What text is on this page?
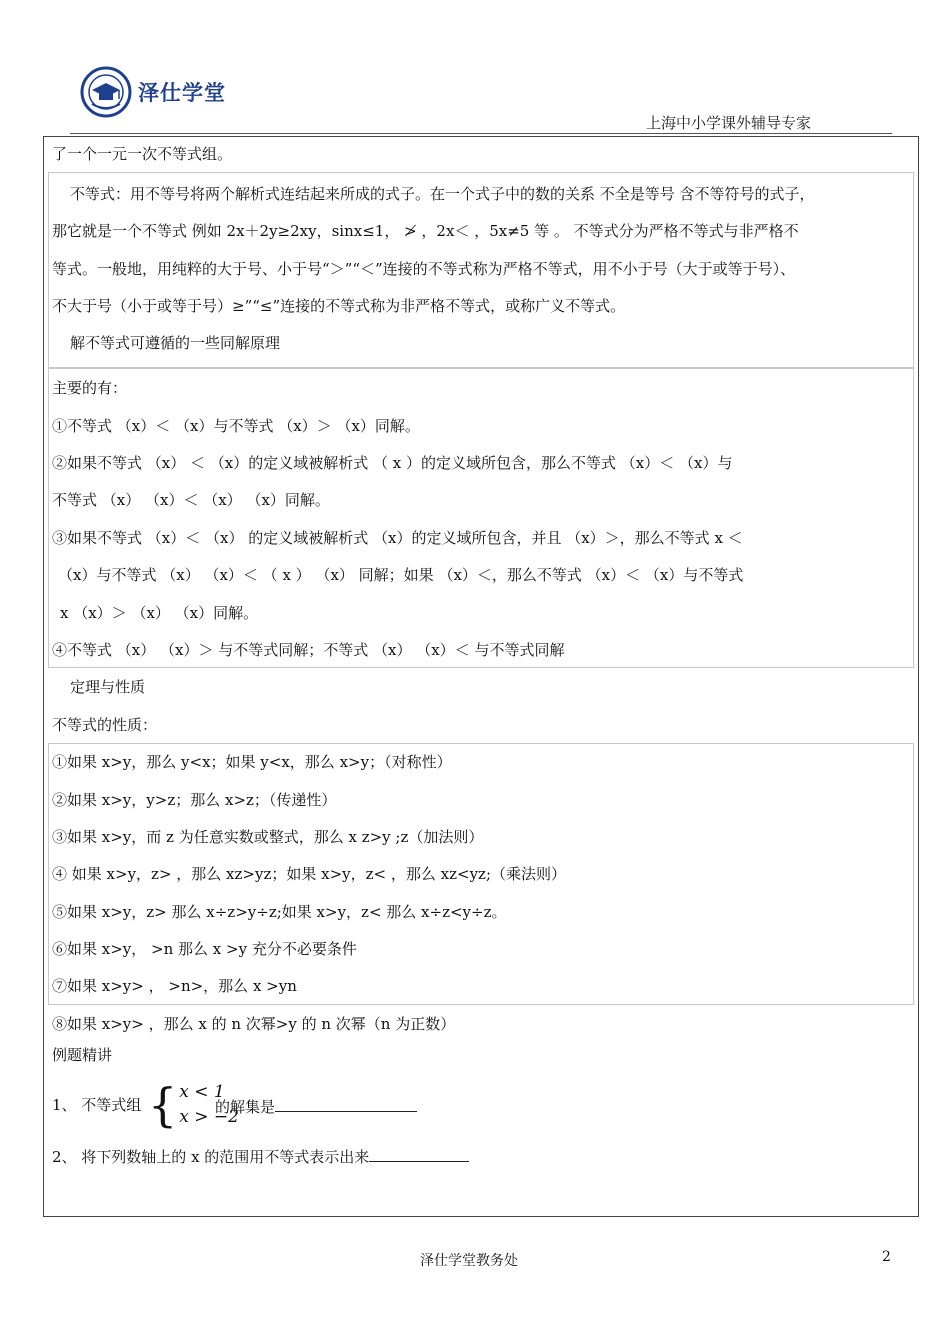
泽仕学堂
上海中小学课外辅导专家
了一个一元一次不等式组。
不等式：用不等号将两个解析式连结起来所成的式子。在一个式子中的数的关系 不全是等号 含不等符号的式子，
那它就是一个不等式 例如 2x＋2y≥2xy，sinx≤1， ≯ ，2x＜ ，5x≠5 等 。 不等式分为严格不等式与非严格不
等式。一般地，用纯粹的大于号、小于号“＞”“＜”连接的不等式称为严格不等式，用不小于号（大于或等于号）、
不大于号（小于或等于号）≥”“≤”连接的不等式称为非严格不等式，或称广义不等式。
解不等式可遵循的一些同解原理
主要的有：
①不等式 （x）＜ （x）与不等式 （x）＞ （x）同解。
②如果不等式 （x） ＜ （x）的定义域被解析式 （ x ）的定义域所包含，那么不等式 （x）＜ （x）与
不等式 （x） （x）＜ （x） （x）同解。
③如果不等式 （x）＜ （x） 的定义域被解析式 （x）的定义域所包含，并且 （x）＞，那么不等式 x ＜
（x）与不等式 （x） （x）＜ （ x ） （x） 同解；如果 （x）＜，那么不等式 （x）＜ （x）与不等式
x （x）＞ （x） （x）同解。
④不等式 （x） （x）＞ 与不等式同解；不等式 （x） （x）＜ 与不等式同解
定理与性质
不等式的性质：
①如果 x>y，那么 y<x；如果 y<x，那么 x>y；（对称性）
②如果 x>y，y>z；那么 x>z；（传递性）
③如果 x>y，而 z 为任意实数或整式，那么 x z>y ;z（加法则）
④ 如果 x>y，z> ，那么 xz>yz；如果 x>y，z< ，那么 xz<yz;（乘法则）
⑤如果 x>y，z> 那么 x÷z>y÷z;如果 x>y，z< 那么 x÷z<y÷z。
⑥如果 x>y， >n 那么 x >y 充分不必要条件
⑦如果 x>y> ， >n>，那么 x >yn
⑧如果 x>y> ，那么 x 的 n 次幂>y 的 n 次幂（n 为正数）
例题精讲
1、 不等式组 { x < 1
x > −2
的解集是
2、 将下列数轴上的 x 的范围用不等式表示出来
泽仕学堂教务处	2
